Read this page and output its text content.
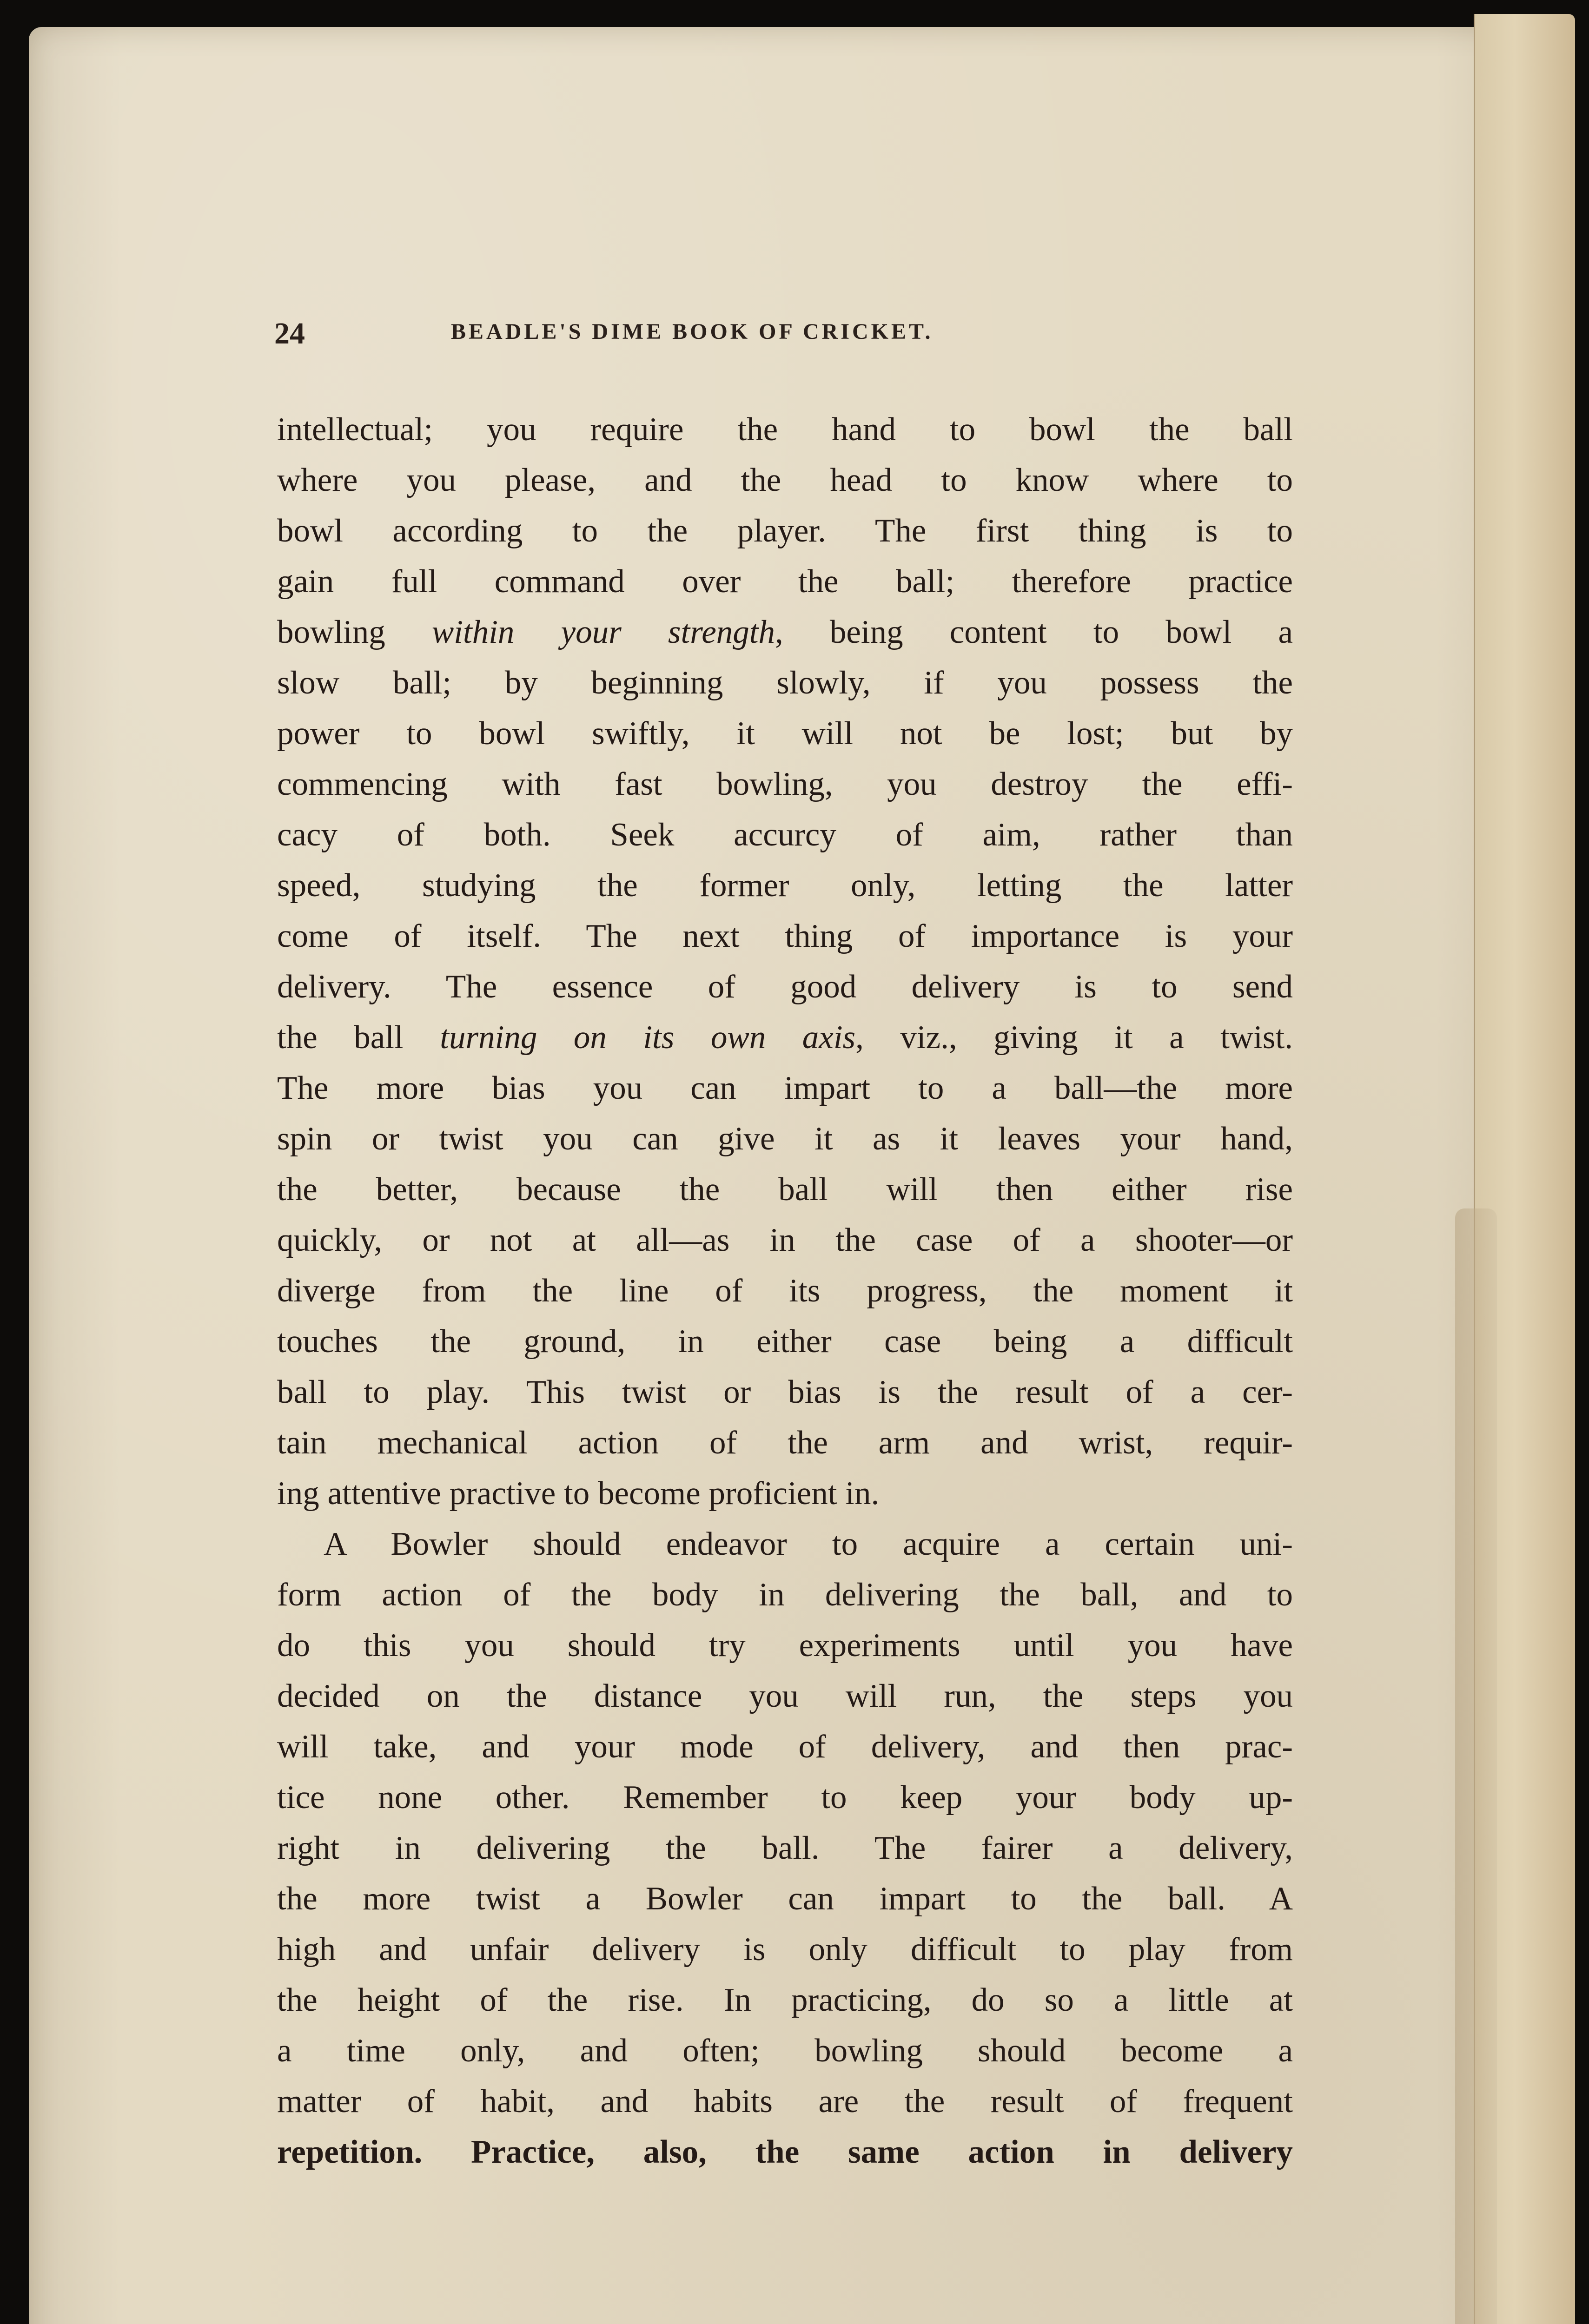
24	BEADLE'S DIME BOOK OF CRICKET.
intellectual; you require the hand to bowl the ball
where you please, and the head to know where to
bowl according to the player. The first thing is to
gain full command over the ball; therefore practice
bowling within your strength, being content to bowl a
slow ball; by beginning slowly, if you possess the
power to bowl swiftly, it will not be lost; but by
commencing with fast bowling, you destroy the effi-
cacy of both. Seek accurcy of aim, rather than
speed, studying the former only, letting the latter
come of itself. The next thing of importance is your
delivery. The essence of good delivery is to send
the ball turning on its own axis, viz., giving it a twist.
The more bias you can impart to a ball—the more
spin or twist you can give it as it leaves your hand,
the better, because the ball will then either rise
quickly, or not at all—as in the case of a shooter—or
diverge from the line of its progress, the moment it
touches the ground, in either case being a difficult
ball to play. This twist or bias is the result of a cer-
tain mechanical action of the arm and wrist, requir-
ing attentive practive to become proficient in.
A Bowler should endeavor to acquire a certain uni-
form action of the body in delivering the ball, and to
do this you should try experiments until you have
decided on the distance you will run, the steps you
will take, and your mode of delivery, and then prac-
tice none other. Remember to keep your body up-
right in delivering the ball. The fairer a delivery,
the more twist a Bowler can impart to the ball. A
high and unfair delivery is only difficult to play from
the height of the rise. In practicing, do so a little at
a time only, and often; bowling should become a
matter of habit, and habits are the result of frequent
repetition. Practice, also, the same action in delivery
